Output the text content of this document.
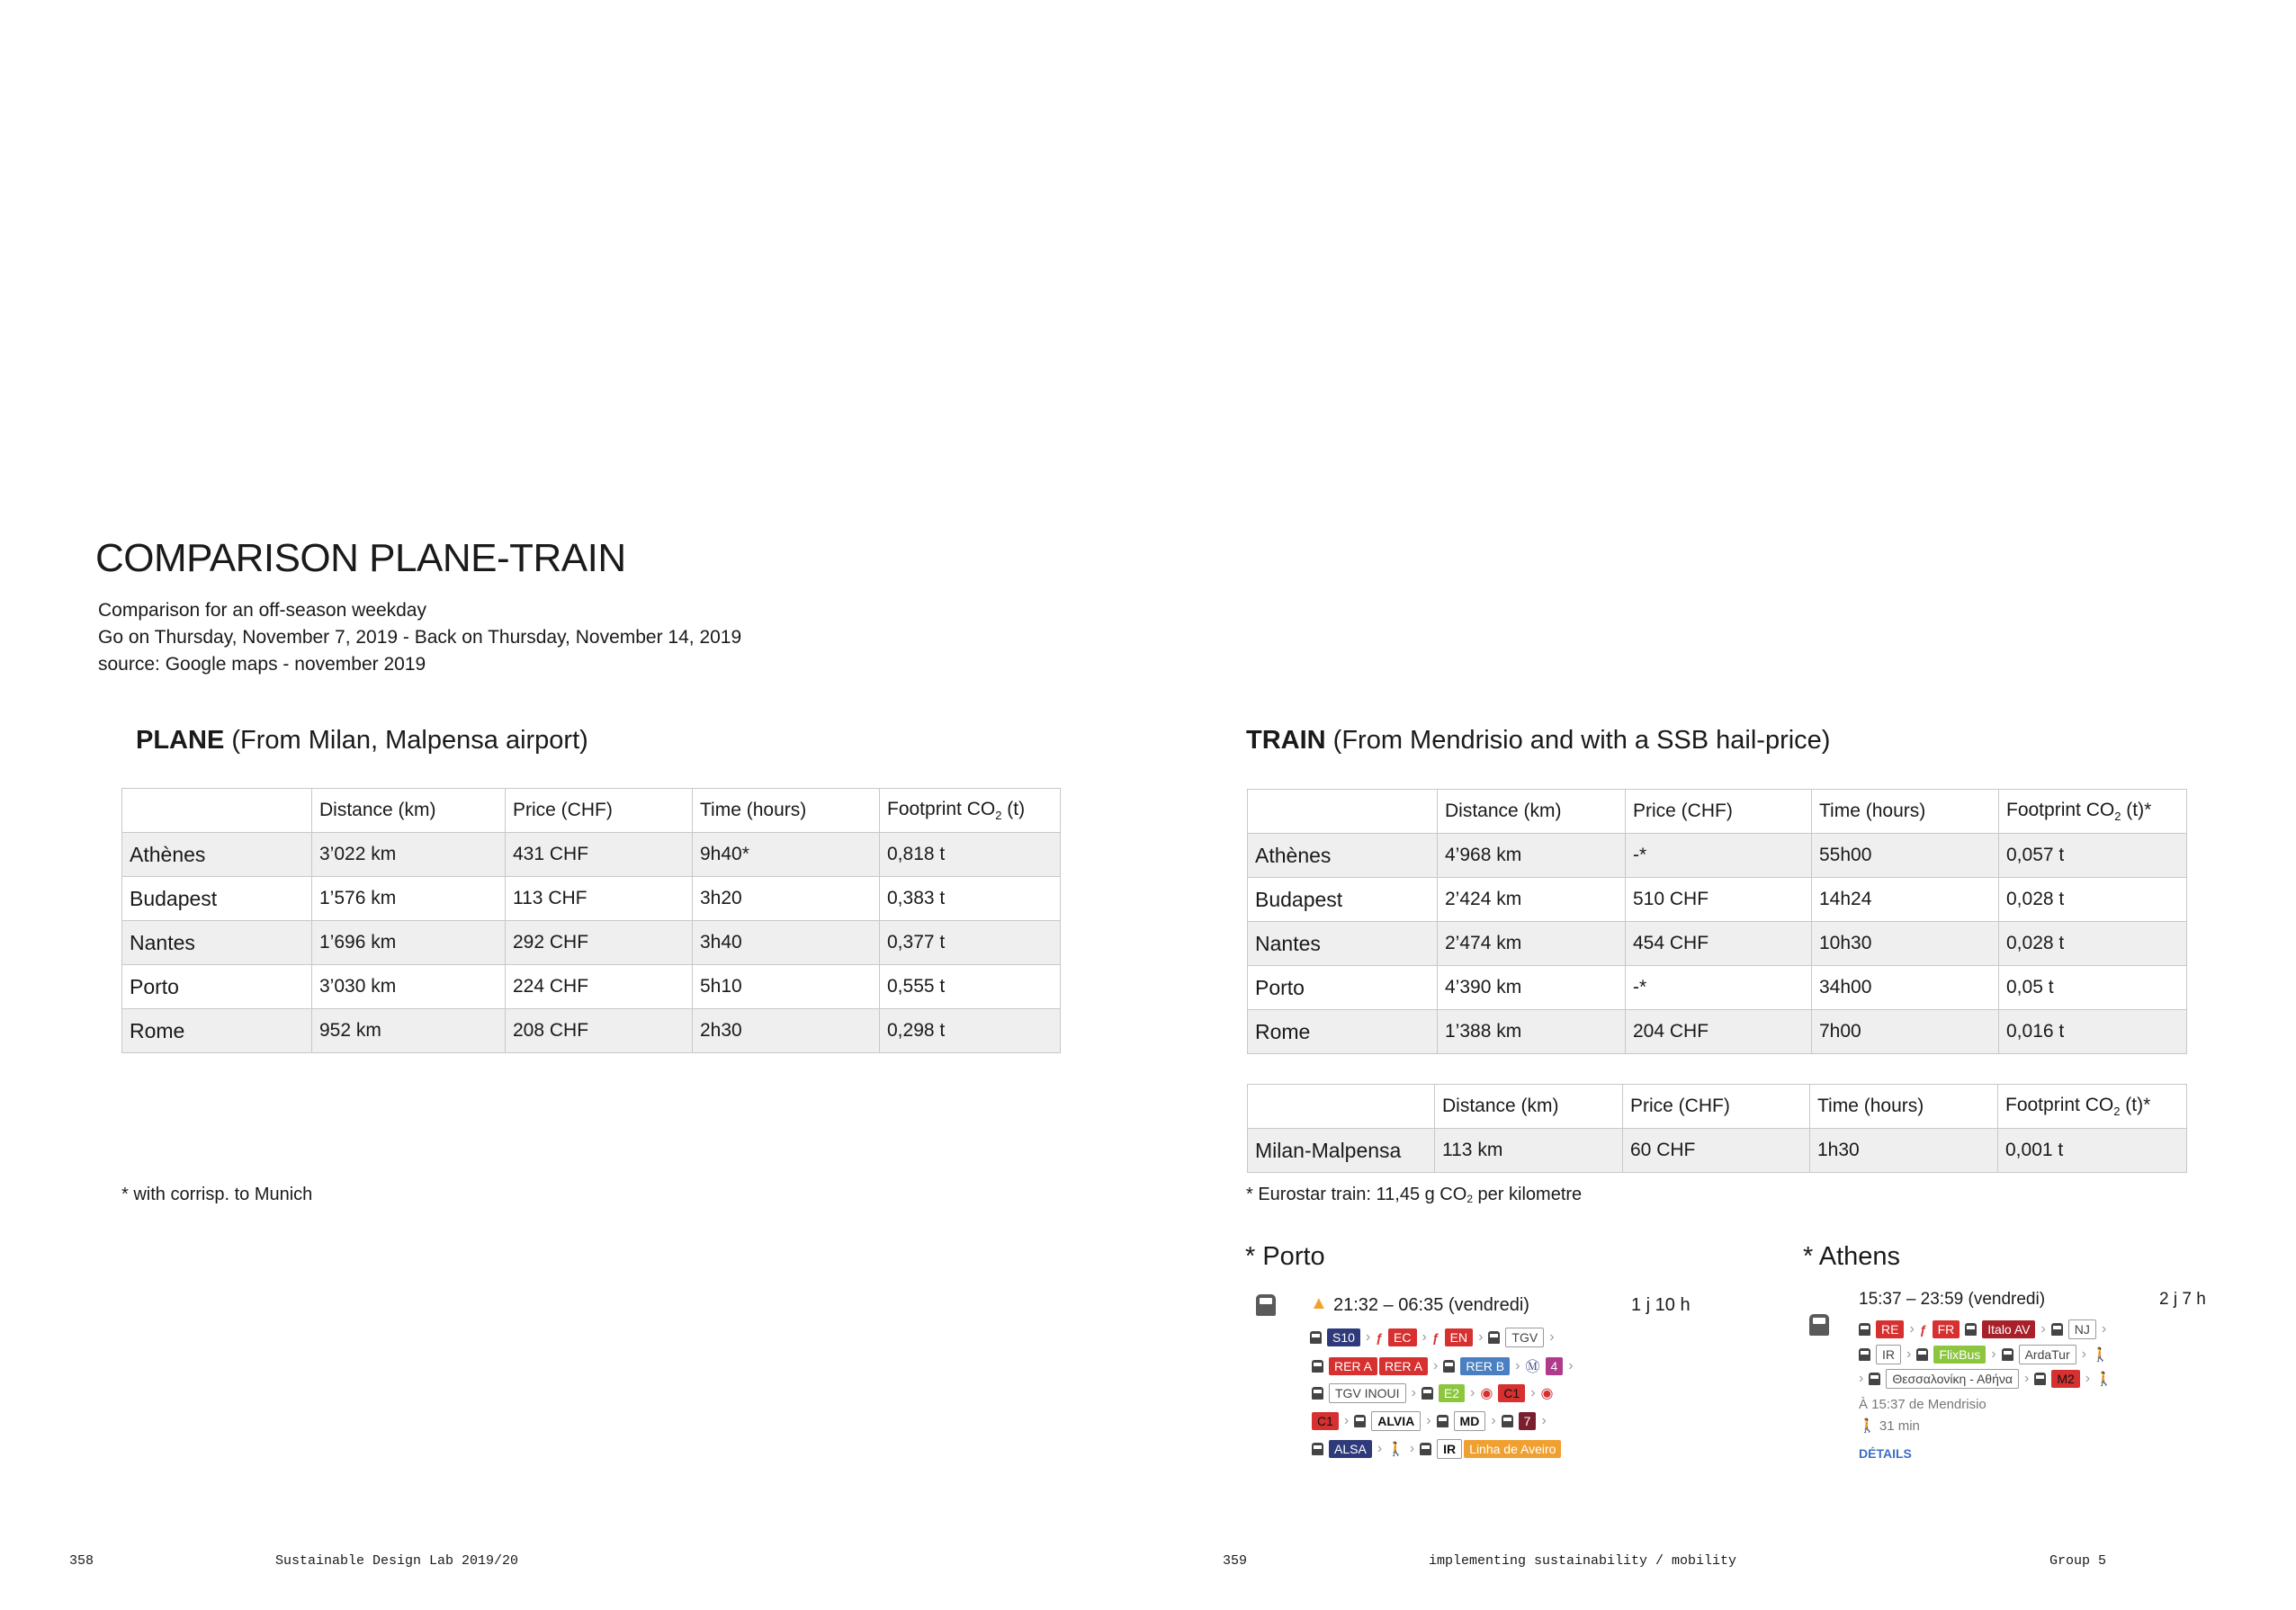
COMPARISON PLANE-TRAIN
Comparison for an off-season weekday
Go on Thursday, November 7, 2019 - Back on Thursday, November 14, 2019
source: Google maps - november 2019
PLANE (From Milan, Malpensa airport)
	Distance (km)	Price (CHF)	Time (hours)	Footprint $CO_2$ (t)
Athènes	3’022 km	431 CHF	9h40*	0,818 t
Budapest	1’576 km	113 CHF	3h20	0,383 t
Nantes	1’696 km	292 CHF	3h40	0,377 t
Porto	3’030 km	224 CHF	5h10	0,555 t
Rome	952 km	208 CHF	2h30	0,298 t
* with corrisp. to Munich
TRAIN (From Mendrisio and with a SSB hail-price)
	Distance (km)	Price (CHF)	Time (hours)	Footprint $CO_2$ (t)*
Athènes	4’968 km	-*	55h00	0,057 t
Budapest	2’424 km	510 CHF	14h24	0,028 t
Nantes	2’474 km	454 CHF	10h30	0,028 t
Porto	4’390 km	-*	34h00	0,05 t
Rome	1’388 km	204 CHF	7h00	0,016 t
	Distance (km)	Price (CHF)	Time (hours)	Footprint $CO_2$ (t)*
Milan-Malpensa	113 km	60 CHF	1h30	0,001 t
* Eurostar train: 11,45 g $CO_2$ per kilometre
* Porto
▲ 21:32 – 06:35 (vendredi)	1 j 10 h
S10 › ƒ EC › ƒ EN ›	TGV ›
RER A	RER A ›	RER B › Ⓜ 4 ›
TGV INOUI ›	E2 › ◉ C1 › ◉
C1 ›	ALVIA ›	MD ›	7 ›
ALSA › 🚶 ›	IR	Linha de Aveiro
* Athens
15:37 – 23:59 (vendredi)	2 j 7 h
RE › ƒ FR	Italo AV ›	NJ ›
IR ›	FlixBus ›	ArdaTur › 🚶
›	Θεσσαλονίκη - Αθήνα ›	M2 › 🚶
À 15:37 de Mendrisio
🚶 31 min
DÉTAILS
358	Sustainable Design Lab 2019/20	359	implementing sustainability / mobility	Group 5
